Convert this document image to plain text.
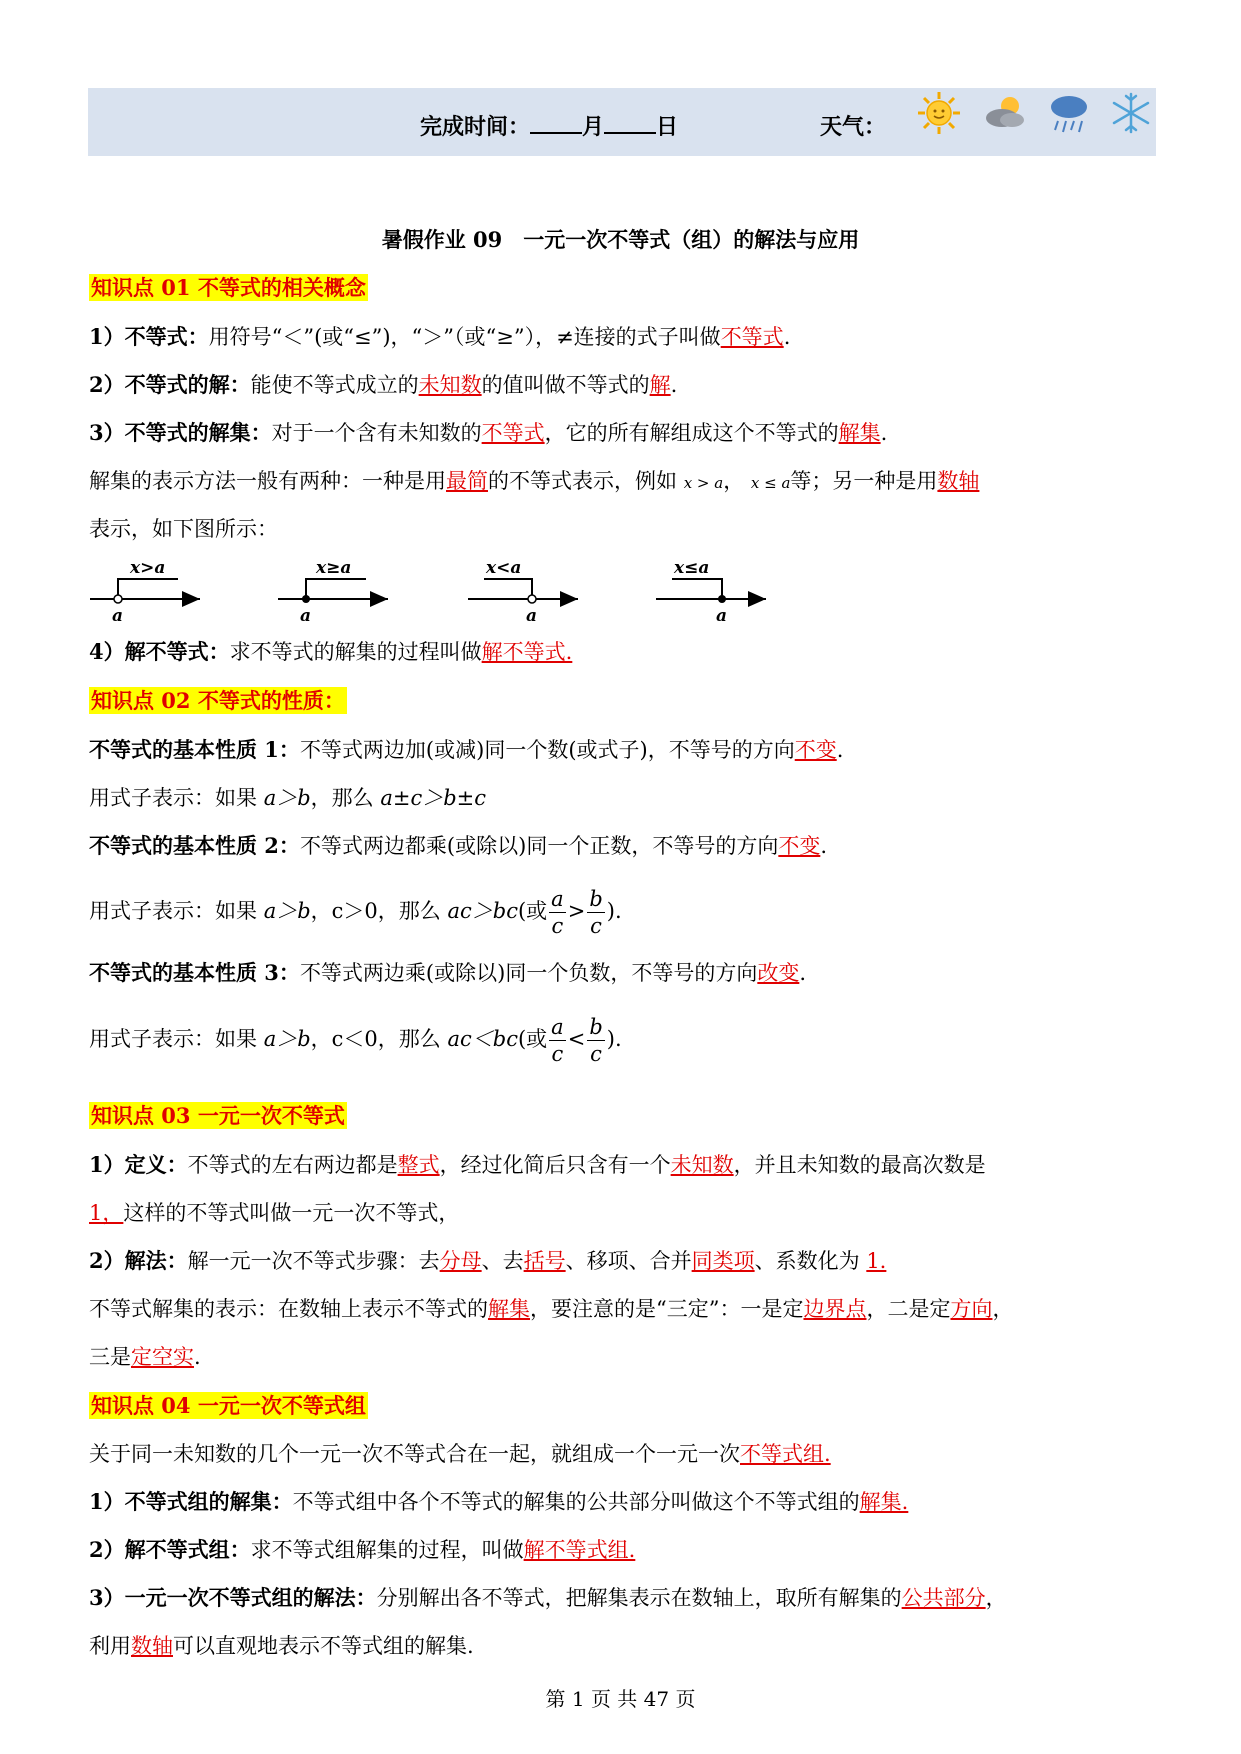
完成时间： 月 日	天气：
暑假作业 09　一元一次不等式（组）的解法与应用
知识点 01 不等式的相关概念
1）不等式：用符号“＜”(或“≤”)，“＞”（或“≥”），≠连接的式子叫做不等式.
2）不等式的解：能使不等式成立的未知数的值叫做不等式的解.
3）不等式的解集：对于一个含有未知数的不等式，它的所有解组成这个不等式的解集.
解集的表示方法一般有两种：一种是用最简的不等式表示，例如 x > a， x ≤ a等；另一种是用数轴
表示，如下图所示：
x>a
a
x≥a
a
x<a
a
x≤a
a
4）解不等式：求不等式的解集的过程叫做解不等式.
知识点 02 不等式的性质：
不等式的基本性质 1：不等式两边加(或减)同一个数(或式子)，不等号的方向不变.
用式子表示：如果 a＞b，那么 a±c＞b±c
不等式的基本性质 2：不等式两边都乘(或除以)同一个正数，不等号的方向不变.
用式子表示：如果 a＞b，c＞0，那么 ac＞bc(或 $\frac{a}{c} > \frac{b}{c}$ ).
不等式的基本性质 3：不等式两边乘(或除以)同一个负数，不等号的方向改变.
用式子表示：如果 a＞b，c＜0，那么 ac＜bc(或 $\frac{a}{c} < \frac{b}{c}$ ).
知识点 03 一元一次不等式
1）定义：不等式的左右两边都是整式，经过化简后只含有一个未知数，并且未知数的最高次数是
1，这样的不等式叫做一元一次不等式，
2）解法：解一元一次不等式步骤：去分母、去括号、移项、合并同类项、系数化为 1.
不等式解集的表示：在数轴上表示不等式的解集，要注意的是“三定”：一是定边界点，二是定方向，
三是定空实.
知识点 04 一元一次不等式组
关于同一未知数的几个一元一次不等式合在一起，就组成一个一元一次不等式组.
1）不等式组的解集：不等式组中各个不等式的解集的公共部分叫做这个不等式组的解集.
2）解不等式组：求不等式组解集的过程，叫做解不等式组.
3）一元一次不等式组的解法：分别解出各不等式，把解集表示在数轴上，取所有解集的公共部分，
利用数轴可以直观地表示不等式组的解集.
第 1 页 共 47 页
